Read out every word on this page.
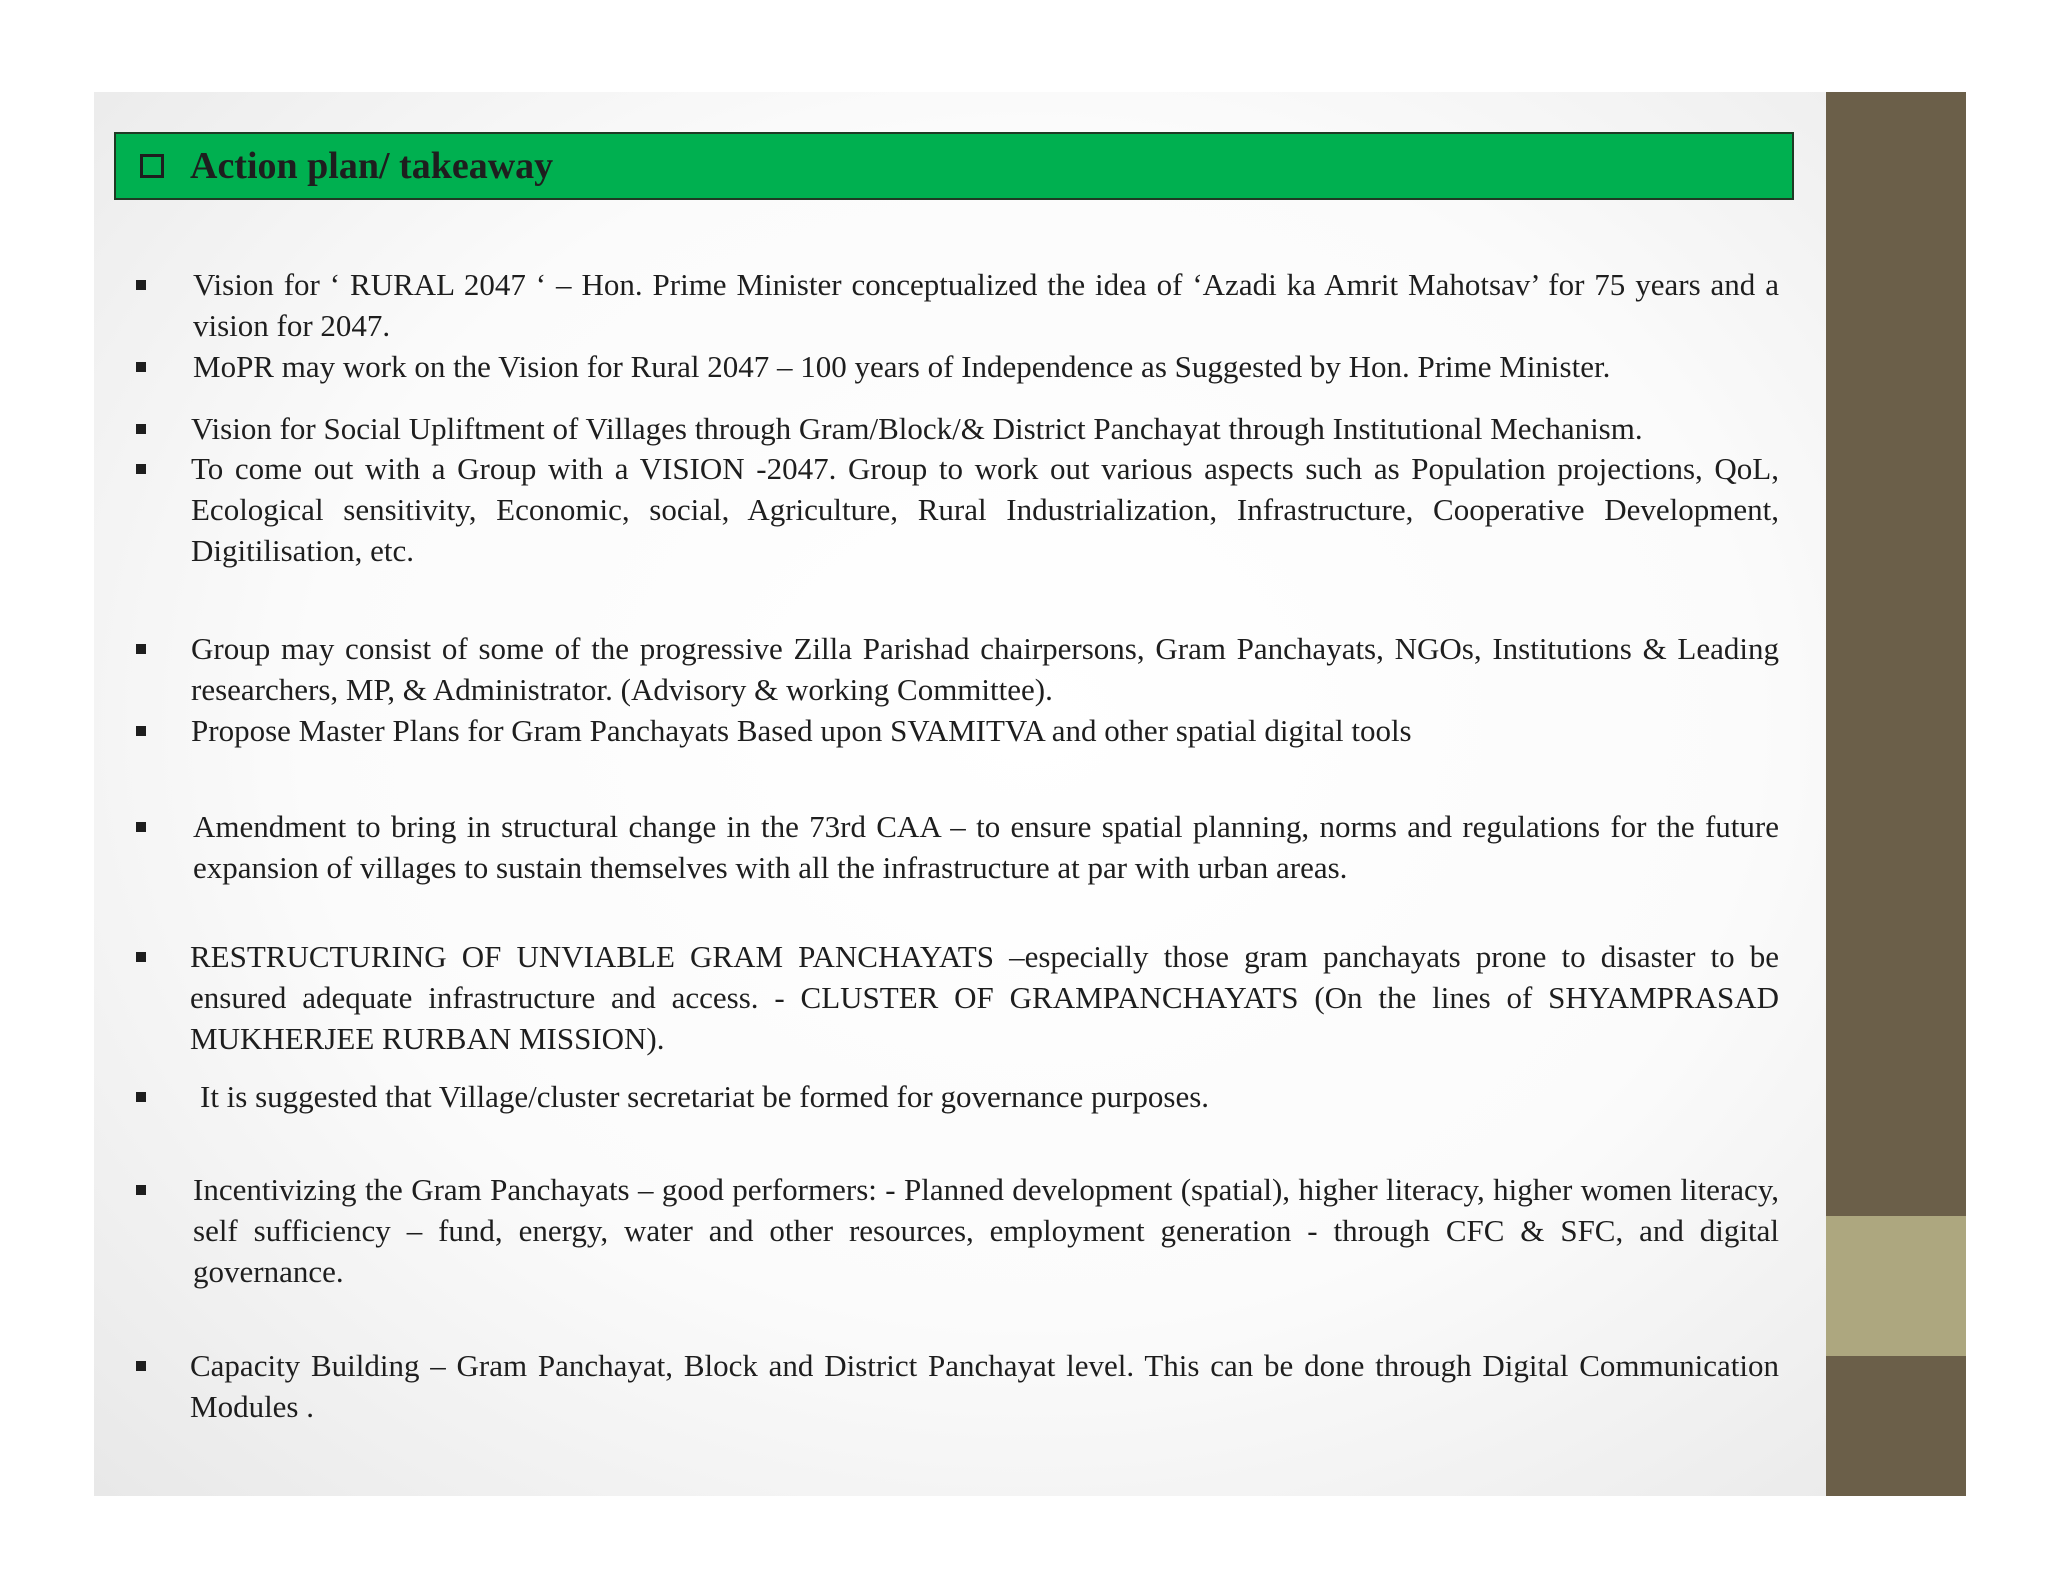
Action plan/ takeaway
Vision for ‘ RURAL 2047 ‘ – Hon. Prime Minister conceptualized the idea of ‘Azadi ka Amrit Mahotsav’ for 75 years and a vision for 2047.
MoPR may work on the Vision for Rural 2047 – 100 years of Independence as Suggested by Hon. Prime Minister.
Vision for Social Upliftment of Villages through Gram/Block/& District Panchayat through Institutional Mechanism.
To come out with a Group with a VISION -2047. Group to work out various aspects such as Population projections, QoL, Ecological sensitivity, Economic, social, Agriculture, Rural Industrialization, Infrastructure, Cooperative Development, Digitilisation, etc.
Group may consist of some of the progressive Zilla Parishad chairpersons, Gram Panchayats, NGOs, Institutions & Leading researchers, MP, & Administrator. (Advisory & working Committee).
Propose Master Plans for Gram Panchayats Based upon SVAMITVA and other spatial digital tools
Amendment to bring in structural change in the 73rd CAA – to ensure spatial planning, norms and regulations for the future expansion of villages to sustain themselves with all the infrastructure at par with urban areas.
RESTRUCTURING OF UNVIABLE GRAM PANCHAYATS –especially those gram panchayats prone to disaster to be ensured adequate infrastructure and access. - CLUSTER OF GRAMPANCHAYATS (On the lines of SHYAMPRASAD MUKHERJEE RURBAN MISSION).
It is suggested that Village/cluster secretariat be formed for governance purposes.
Incentivizing the Gram Panchayats – good performers: - Planned development (spatial), higher literacy, higher women literacy, self sufficiency – fund, energy, water and other resources, employment generation - through CFC & SFC, and digital governance.
Capacity Building – Gram Panchayat, Block and District Panchayat level. This can be done through Digital Communication Modules .
